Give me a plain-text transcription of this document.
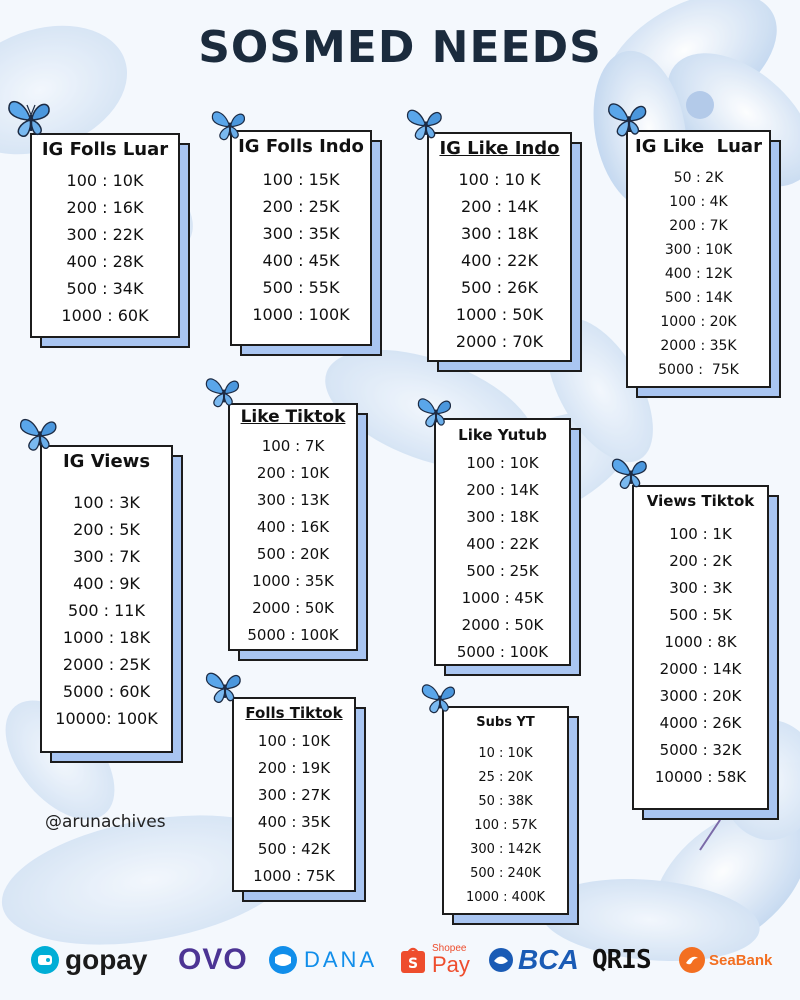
SOSMED NEEDS
IG Folls Luar
100 : 10K
200 : 16K
300 : 22K
400 : 28K
500 : 34K
1000 : 60K
IG Folls Indo
100 : 15K
200 : 25K
300 : 35K
400 : 45K
500 : 55K
1000 : 100K
IG Like Indo
100 : 10 K
200 : 14K
300 : 18K
400 : 22K
500 : 26K
1000 : 50K
2000 : 70K
IG Like  Luar
50 : 2K
100 : 4K
200 : 7K
300 : 10K
400 : 12K
500 : 14K
1000 : 20K
2000 : 35K
5000 :  75K
IG Views
100 : 3K
200 : 5K
300 : 7K
400 : 9K
500 : 11K
1000 : 18K
2000 : 25K
5000 : 60K
10000: 100K
Like Tiktok
100 : 7K
200 : 10K
300 : 13K
400 : 16K
500 : 20K
1000 : 35K
2000 : 50K
5000 : 100K
Like Yutub
100 : 10K
200 : 14K
300 : 18K
400 : 22K
500 : 25K
1000 : 45K
2000 : 50K
5000 : 100K
Views Tiktok
100 : 1K
200 : 2K
300 : 3K
500 : 5K
1000 : 8K
2000 : 14K
3000 : 20K
4000 : 26K
5000 : 32K
10000 : 58K
Folls Tiktok
100 : 10K
200 : 19K
300 : 27K
400 : 35K
500 : 42K
1000 : 75K
Subs YT
10 : 10K
25 : 20K
50 : 38K
100 : 57K
300 : 142K
500 : 240K
1000 : 400K
@arunachives
gopay OVO	DANA S
Shopee
Pay BCA QRIS	SeaBank
